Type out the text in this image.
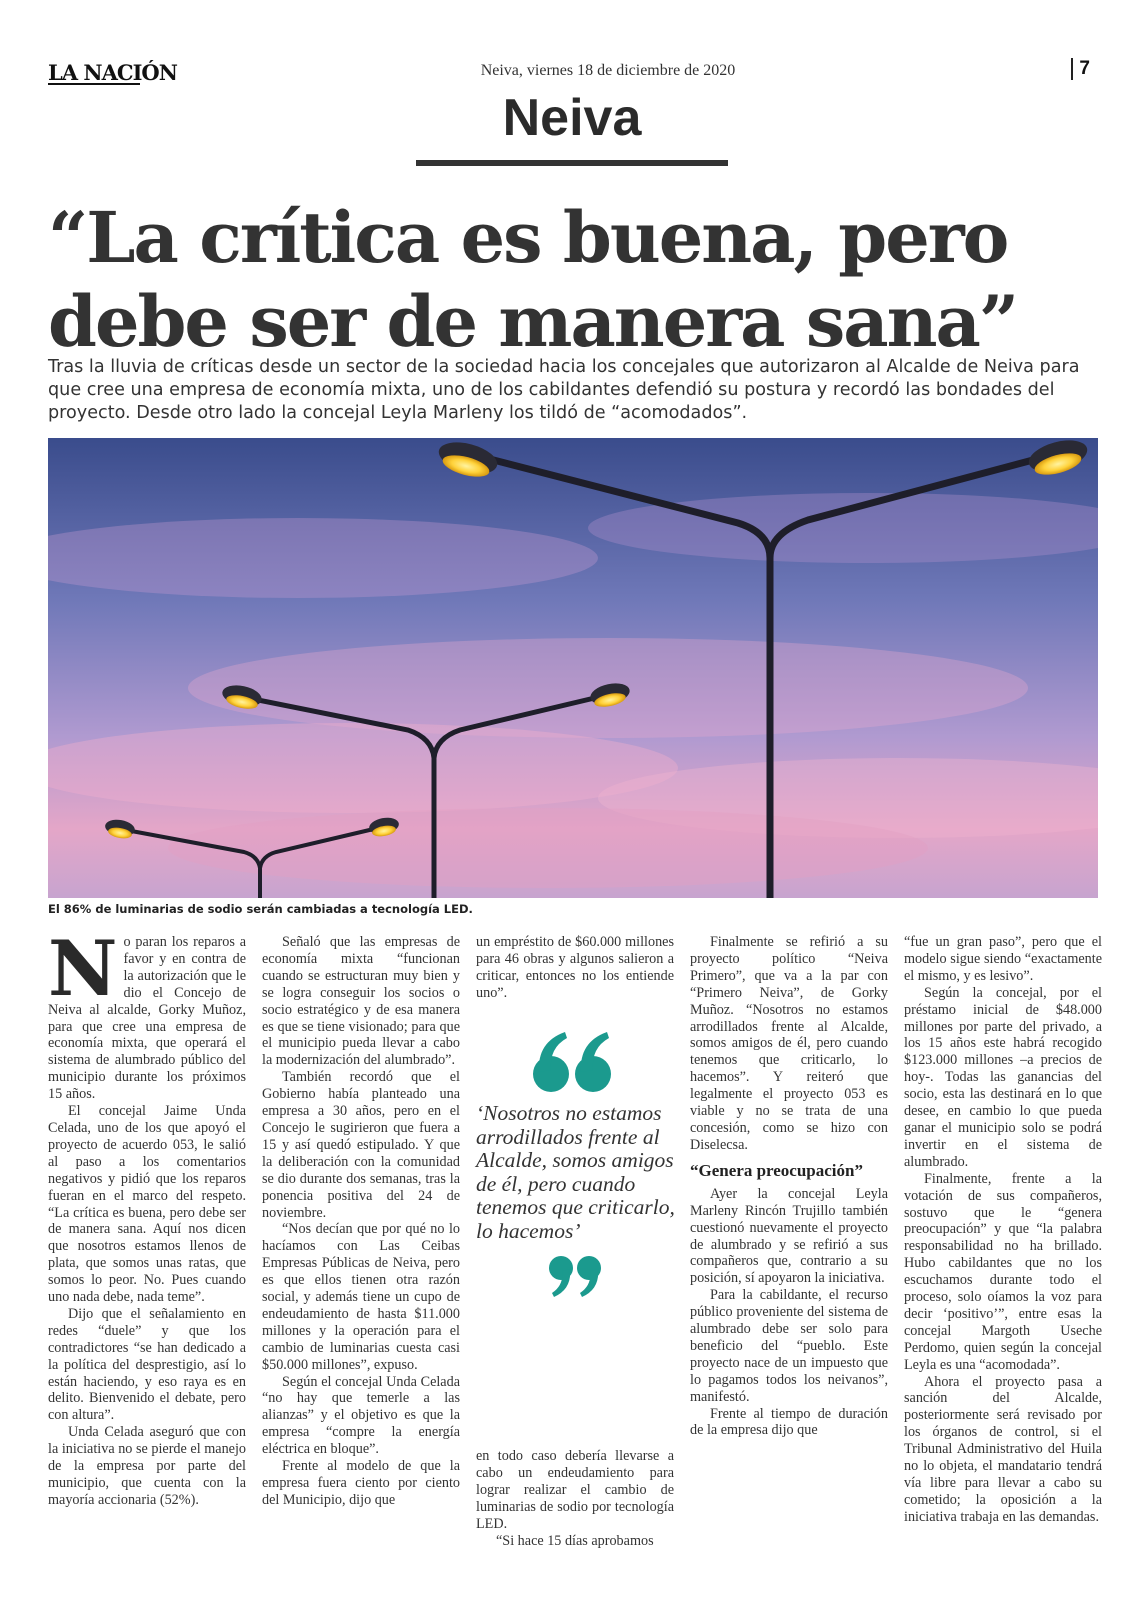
LA NACIÓN	Neiva, viernes 18 de diciembre de 2020	7
Neiva
“La crítica es buena, pero debe ser de manera sana”

Tras la lluvia de críticas desde un sector de la sociedad hacia los concejales que autorizaron al Alcalde de Neiva para que cree una empresa de economía mixta, uno de los cabildantes defendió su postura y recordó las bondades del proyecto. Desde otro lado la concejal Leyla Marleny los tildó de “acomodados”.

El 86% de luminarias de sodio serán cambiadas a tecnología LED.
N o paran los reparos a favor y en contra de la autorización que le dio el Concejo de Neiva al alcalde, Gorky Muñoz, para que cree una empresa de economía mixta, que operará el sistema de alumbrado público del municipio durante los próximos 15 años.

El concejal Jaime Unda Celada, uno de los que apoyó el proyecto de acuerdo 053, le salió al paso a los comentarios negativos y pidió que los reparos fueran en el marco del respeto. “La crítica es buena, pero debe ser de manera sana. Aquí nos dicen que nosotros estamos llenos de plata, que somos unas ratas, que somos lo peor. No. Pues cuando uno nada debe, nada teme”.

Dijo que el señalamiento en redes “duele” y que los contradictores “se han dedicado a la política del desprestigio, así lo están haciendo, y eso raya es en delito. Bienvenido el debate, pero con altura”.

Unda Celada aseguró que con la iniciativa no se pierde el manejo de la empresa por parte del municipio, que cuenta con la mayoría accionaria (52%).

Señaló que las empresas de economía mixta “funcionan cuando se estructuran muy bien y se logra conseguir los socios o socio estratégico y de esa manera es que se tiene visionado; para que el municipio pueda llevar a cabo la modernización del alumbrado”.

También recordó que el Gobierno había planteado una empresa a 30 años, pero en el Concejo le sugirieron que fuera a 15 y así quedó estipulado. Y que la deliberación con la comunidad se dio durante dos semanas, tras la ponencia positiva del 24 de noviembre.

“Nos decían que por qué no lo hacíamos con Las Ceibas Empresas Públicas de Neiva, pero es que ellos tienen otra razón social, y además tiene un cupo de endeudamiento de hasta $11.000 millones y la operación para el cambio de luminarias cuesta casi $50.000 millones”, expuso.

Según el concejal Unda Celada “no hay que temerle a las alianzas” y el objetivo es que la empresa “compre la energía eléctrica en bloque”.

Frente al modelo de que la empresa fuera ciento por ciento del Municipio, dijo que

un empréstito de $60.000 millones para 46 obras y algunos salieron a criticar, entonces no los entiende uno”.

‘Nosotros no estamos arrodillados frente al Alcalde, somos amigos de él, pero cuando tenemos que criticarlo, lo hacemos’

en todo caso debería llevarse a cabo un endeudamiento para lograr realizar el cambio de luminarias de sodio por tecnología LED.

“Si hace 15 días aprobamos

Finalmente se refirió a su proyecto político “Neiva Primero”, que va a la par con “Primero Neiva”, de Gorky Muñoz. “Nosotros no estamos arrodillados frente al Alcalde, somos amigos de él, pero cuando tenemos que criticarlo, lo hacemos”. Y reiteró que legalmente el proyecto 053 es viable y no se trata de una concesión, como se hizo con Diselecsa.

“Genera preocupación”

Ayer la concejal Leyla Marleny Rincón Trujillo también cuestionó nuevamente el proyecto de alumbrado y se refirió a sus compañeros que, contrario a su posición, sí apoyaron la iniciativa.

Para la cabildante, el recurso público proveniente del sistema de alumbrado debe ser solo para beneficio del “pueblo. Este proyecto nace de un impuesto que lo pagamos todos los neivanos”, manifestó.

Frente al tiempo de duración de la empresa dijo que

“fue un gran paso”, pero que el modelo sigue siendo “exactamente el mismo, y es lesivo”.

Según la concejal, por el préstamo inicial de $48.000 millones por parte del privado, a los 15 años este habrá recogido $123.000 millones –a precios de hoy-. Todas las ganancias del socio, esta las destinará en lo que desee, en cambio lo que pueda ganar el municipio solo se podrá invertir en el sistema de alumbrado.

Finalmente, frente a la votación de sus compañeros, sostuvo que le “genera preocupación” y que “la palabra responsabilidad no ha brillado. Hubo cabildantes que no los escuchamos durante todo el proceso, solo oíamos la voz para decir ‘positivo’”, entre esas la concejal Margoth Useche Perdomo, quien según la concejal Leyla es una “acomodada”.

Ahora el proyecto pasa a sanción del Alcalde, posteriormente será revisado por los órganos de control, si el Tribunal Administrativo del Huila no lo objeta, el mandatario tendrá vía libre para llevar a cabo su cometido; la oposición a la iniciativa trabaja en las demandas.
